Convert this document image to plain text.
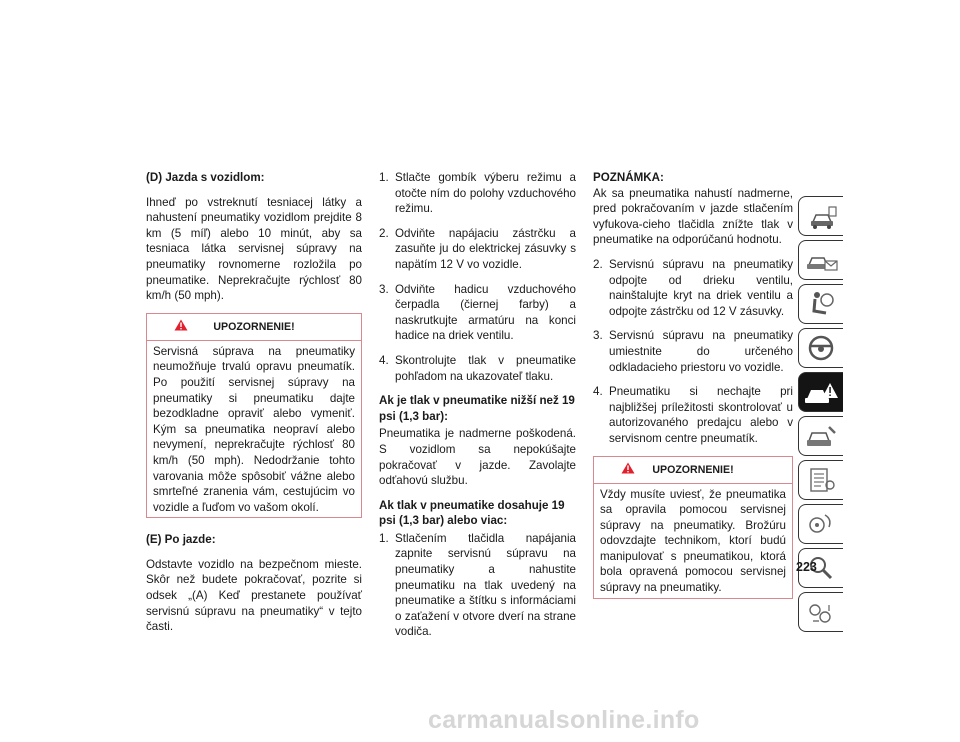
(D) Jazda s vozidlom:

Ihneď po vstreknutí tesniacej látky a nahustení pneumatiky vozidlom prejdite 8 km (5 míľ) alebo 10 minút, aby sa tesniaca látka servisnej súpravy na pneumatiky rovnomerne rozložila po pneumatike. Neprekračujte rýchlosť 80 km/h (50 mph).

UPOZORNENIE!
Servisná súprava na pneumatiky neumožňuje trvalú opravu pneumatík. Po použití servisnej súpravy na pneumatiky si pneumatiku dajte bezodkladne opraviť alebo vymeniť. Kým sa pneumatika neopraví alebo nevymení, neprekračujte rýchlosť 80 km/h (50 mph). Nedodržanie tohto varovania môže spôsobiť vážne alebo smrteľné zranenia vám, cestujúcim vo vozidle a ľuďom vo vašom okolí.
(E) Po jazde:

Odstavte vozidlo na bezpečnom mieste. Skôr než budete pokračovať, pozrite si odsek „(A) Keď prestanete používať servisnú súpravu na pneumatiky“ v tejto časti.

1. Stlačte gombík výberu režimu a otočte ním do polohy vzduchového režimu.
2. Odviňte napájaciu zástrčku a zasuňte ju do elektrickej zásuvky s napätím 12 V vo vozidle.
3. Odviňte hadicu vzduchového čerpadla (čiernej farby) a naskrutkujte armatúru na konci hadice na driek ventilu.
4. Skontrolujte tlak v pneumatike pohľadom na ukazovateľ tlaku.
Ak je tlak v pneumatike nižší než 19 psi (1,3 bar):

Pneumatika je nadmerne poškodená. S vozidlom sa nepokúšajte pokračovať v jazde. Zavolajte odťahovú službu.

Ak tlak v pneumatike dosahuje 19 psi (1,3 bar) alebo viac:
1. Stlačením tlačidla napájania zapnite servisnú súpravu na pneumatiky a nahustite pneumatiku na tlak uvedený na pneumatike a štítku s informáciami o zaťažení v otvore dverí na strane vodiča.
POZNÁMKA:

Ak sa pneumatika nahustí nadmerne, pred pokračovaním v jazde stlačením vyfukova-cieho tlačidla znížte tlak v pneumatike na odporúčanú hodnotu.

2. Servisnú súpravu na pneumatiky odpojte od drieku ventilu, nainštalujte kryt na driek ventilu a odpojte zástrčku od 12 V zásuvky.
3. Servisnú súpravu na pneumatiky umiestnite do určeného odkladacieho priestoru vo vozidle.
4. Pneumatiku si nechajte pri najbližšej príležitosti skontrolovať u autorizovaného predajcu alebo v servisnom centre pneumatík.
UPOZORNENIE!
Vždy musíte uviesť, že pneumatika sa opravila pomocou servisnej súpravy na pneumatiky. Brožúru odovzdajte technikom, ktorí budú manipulovať s pneumatikou, ktorá bola opravená pomocou servisnej súpravy na pneumatiky.
223
carmanualsonline.info
